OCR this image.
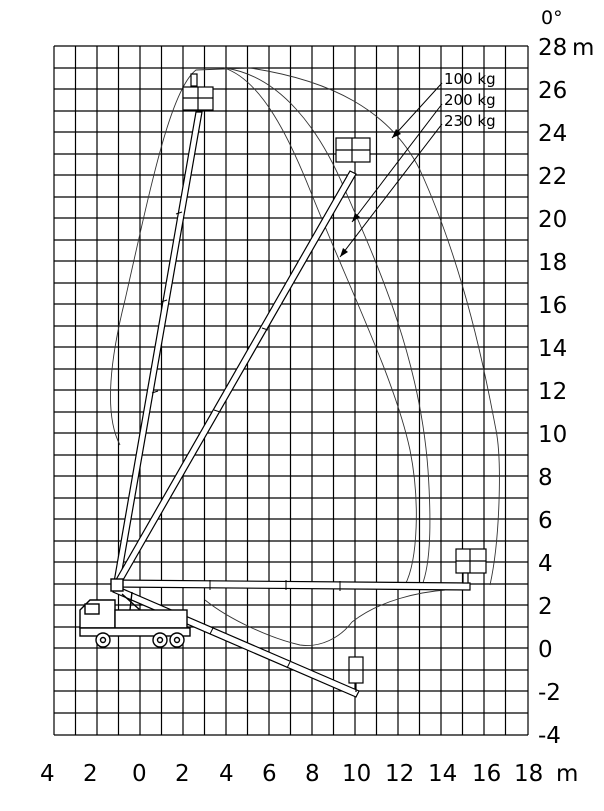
0°
100 kg
200 kg
230 kg
28 m
26
24
22
20
18
16
14
12
10
8
6
4
2
0
-2
-4
4 2 0 2 4 6 8 10 12 14 16 18 m
